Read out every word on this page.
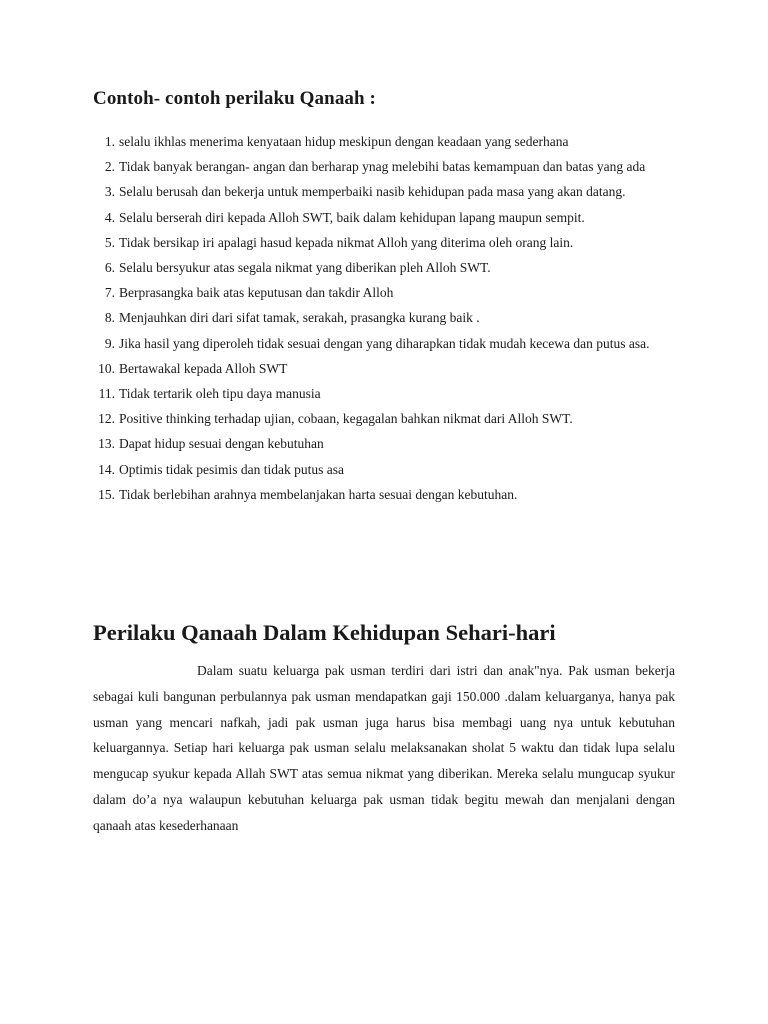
Contoh- contoh perilaku Qanaah :
1. selalu ikhlas menerima kenyataan hidup meskipun dengan keadaan yang sederhana
2. Tidak banyak berangan- angan dan berharap ynag melebihi batas kemampuan dan batas yang ada
3. Selalu berusah dan bekerja untuk memperbaiki nasib kehidupan pada masa yang akan datang.
4. Selalu berserah diri kepada Alloh SWT, baik dalam kehidupan lapang maupun sempit.
5. Tidak bersikap iri apalagi hasud kepada nikmat Alloh yang diterima oleh orang lain.
6. Selalu bersyukur atas segala nikmat yang diberikan pleh Alloh SWT.
7. Berprasangka baik atas keputusan dan takdir Alloh
8. Menjauhkan diri dari sifat tamak, serakah, prasangka kurang baik .
9. Jika hasil yang diperoleh tidak sesuai dengan yang diharapkan tidak mudah kecewa dan putus asa.
10. Bertawakal kepada Alloh SWT
11. Tidak tertarik oleh tipu daya manusia
12. Positive thinking terhadap ujian, cobaan, kegagalan bahkan nikmat dari Alloh SWT.
13. Dapat hidup sesuai dengan kebutuhan
14. Optimis tidak pesimis dan tidak putus asa
15. Tidak berlebihan arahnya membelanjakan harta sesuai dengan kebutuhan.
Perilaku Qanaah Dalam Kehidupan Sehari-hari

Dalam suatu keluarga pak usman terdiri dari istri dan anak"nya. Pak usman bekerja sebagai kuli bangunan perbulannya pak usman mendapatkan gaji 150.000 .dalam keluarganya, hanya pak usman yang mencari nafkah, jadi pak usman juga harus bisa membagi uang nya untuk kebutuhan keluargannya. Setiap hari keluarga pak usman selalu melaksanakan sholat 5 waktu dan tidak lupa selalu mengucap syukur kepada Allah SWT atas semua nikmat yang diberikan. Mereka selalu mungucap syukur dalam do’a nya walaupun kebutuhan keluarga pak usman tidak begitu mewah dan menjalani dengan qanaah atas kesederhanaan
